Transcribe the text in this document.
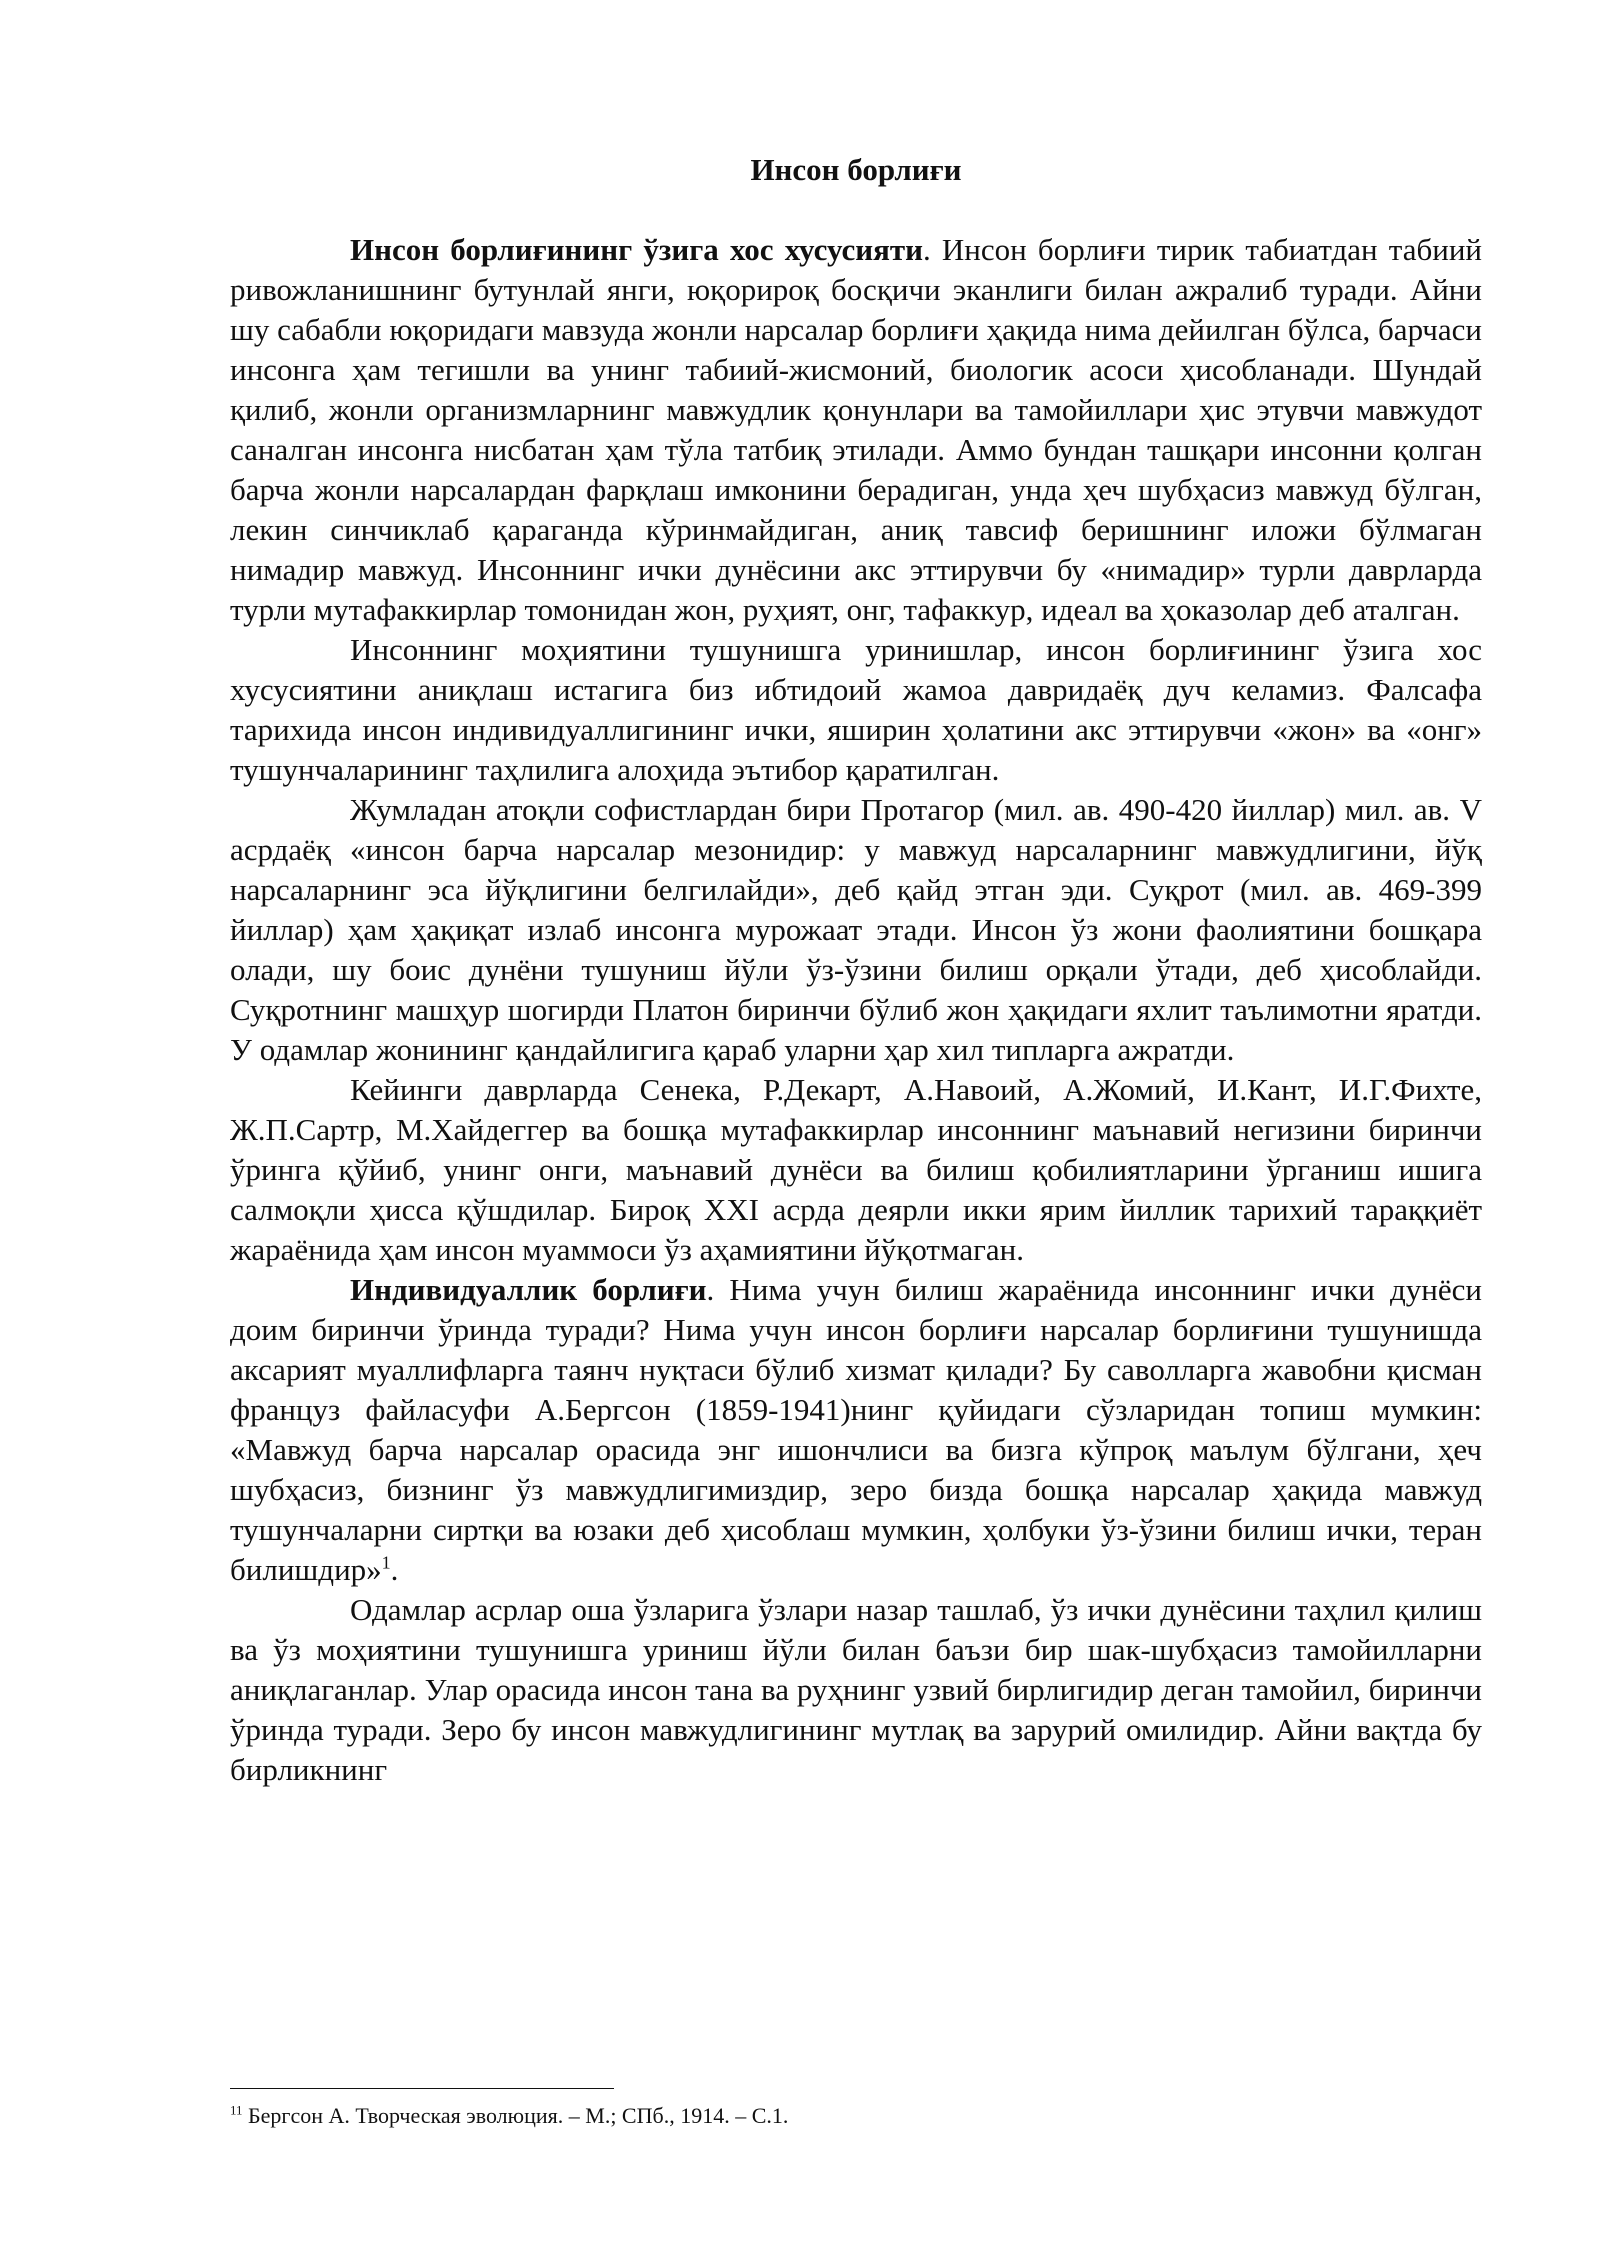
Инсон борлиғи

Инсон борлиғининг ўзига хос хусусияти. Инсон борлиғи тирик табиатдан табиий ривожланишнинг бутунлай янги, юқорироқ босқичи эканлиги билан ажралиб туради. Айни шу сабабли юқоридаги мавзуда жонли нарсалар борлиғи ҳақида нима дейилган бўлса, барчаси инсонга ҳам тегишли ва унинг табиий-жисмоний, биологик асоси ҳисобланади. Шундай қилиб, жонли организмларнинг мавжудлик қонунлари ва тамойиллари ҳис этувчи мавжудот саналган инсонга нисбатан ҳам тўла татбиқ этилади. Аммо бундан ташқари инсонни қолган барча жонли нарсалардан фарқлаш имконини берадиган, унда ҳеч шубҳасиз мавжуд бўлган, лекин синчиклаб қараганда кўринмайдиган, аниқ тавсиф беришнинг иложи бўлмаган нимадир мавжуд. Инсоннинг ички дунёсини акс эттирувчи бу «нимадир» турли даврларда турли мутафаккирлар томонидан жон, руҳият, онг, тафаккур, идеал ва ҳоказолар деб аталган.

Инсоннинг моҳиятини тушунишга уринишлар, инсон борлиғининг ўзига хос хусусиятини аниқлаш истагига биз ибтидоий жамоа давридаёқ дуч келамиз. Фалсафа тарихида инсон индивидуаллигининг ички, яширин ҳолатини акс эттирувчи «жон» ва «онг» тушунчаларининг таҳлилига алоҳида эътибор қаратилган.

Жумладан атоқли софистлардан бири Протагор (мил. ав. 490-420 йиллар) мил. ав. V асрдаёқ «инсон барча нарсалар мезонидир: у мавжуд нарсаларнинг мавжудлигини, йўқ нарсаларнинг эса йўқлигини белгилайди», деб қайд этган эди. Суқрот (мил. ав. 469-399 йиллар) ҳам ҳақиқат излаб инсонга мурожаат этади. Инсон ўз жони фаолиятини бошқара олади, шу боис дунёни тушуниш йўли ўз-ўзини билиш орқали ўтади, деб ҳисоблайди. Суқротнинг машҳур шогирди Платон биринчи бўлиб жон ҳақидаги яхлит таълимотни яратди. У одамлар жонининг қандайлигига қараб уларни ҳар хил типларга ажратди.

Кейинги даврларда Сенека, Р.Декарт, А.Навоий, А.Жомий, И.Кант, И.Г.Фихте, Ж.П.Сартр, М.Хайдеггер ва бошқа мутафаккирлар инсоннинг маънавий негизини биринчи ўринга қўйиб, унинг онги, маънавий дунёси ва билиш қобилиятларини ўрганиш ишига салмоқли ҳисса қўшдилар. Бироқ XXI асрда деярли икки ярим йиллик тарихий тараққиёт жараёнида ҳам инсон муаммоси ўз аҳамиятини йўқотмаган.

Индивидуаллик борлиғи. Нима учун билиш жараёнида инсоннинг ички дунёси доим биринчи ўринда туради? Нима учун инсон борлиғи нарсалар борлиғини тушунишда аксарият муаллифларга таянч нуқтаси бўлиб хизмат қилади? Бу саволларга жавобни қисман француз файласуфи А.Бергсон (1859-1941)нинг қуйидаги сўзларидан топиш мумкин: «Мавжуд барча нарсалар орасида энг ишончлиси ва бизга кўпроқ маълум бўлгани, ҳеч шубҳасиз, бизнинг ўз мавжудлигимиздир, зеро бизда бошқа нарсалар ҳақида мавжуд тушунчаларни сиртқи ва юзаки деб ҳисоблаш мумкин, ҳолбуки ўз-ўзини билиш ички, теран билишдир»$^1$.

Одамлар асрлар оша ўзларига ўзлари назар ташлаб, ўз ички дунёсини таҳлил қилиш ва ўз моҳиятини тушунишга уриниш йўли билан баъзи бир шак-шубҳасиз тамойилларни аниқлаганлар. Улар орасида инсон тана ва руҳнинг узвий бирлигидир деган тамойил, биринчи ўринда туради. Зеро бу инсон мавжудлигининг мутлақ ва зарурий омилидир. Айни вақтда бу бирликнинг

$^{11}$ Бергсон А. Творческая эволюция. – М.; СПб., 1914. – С.1.
